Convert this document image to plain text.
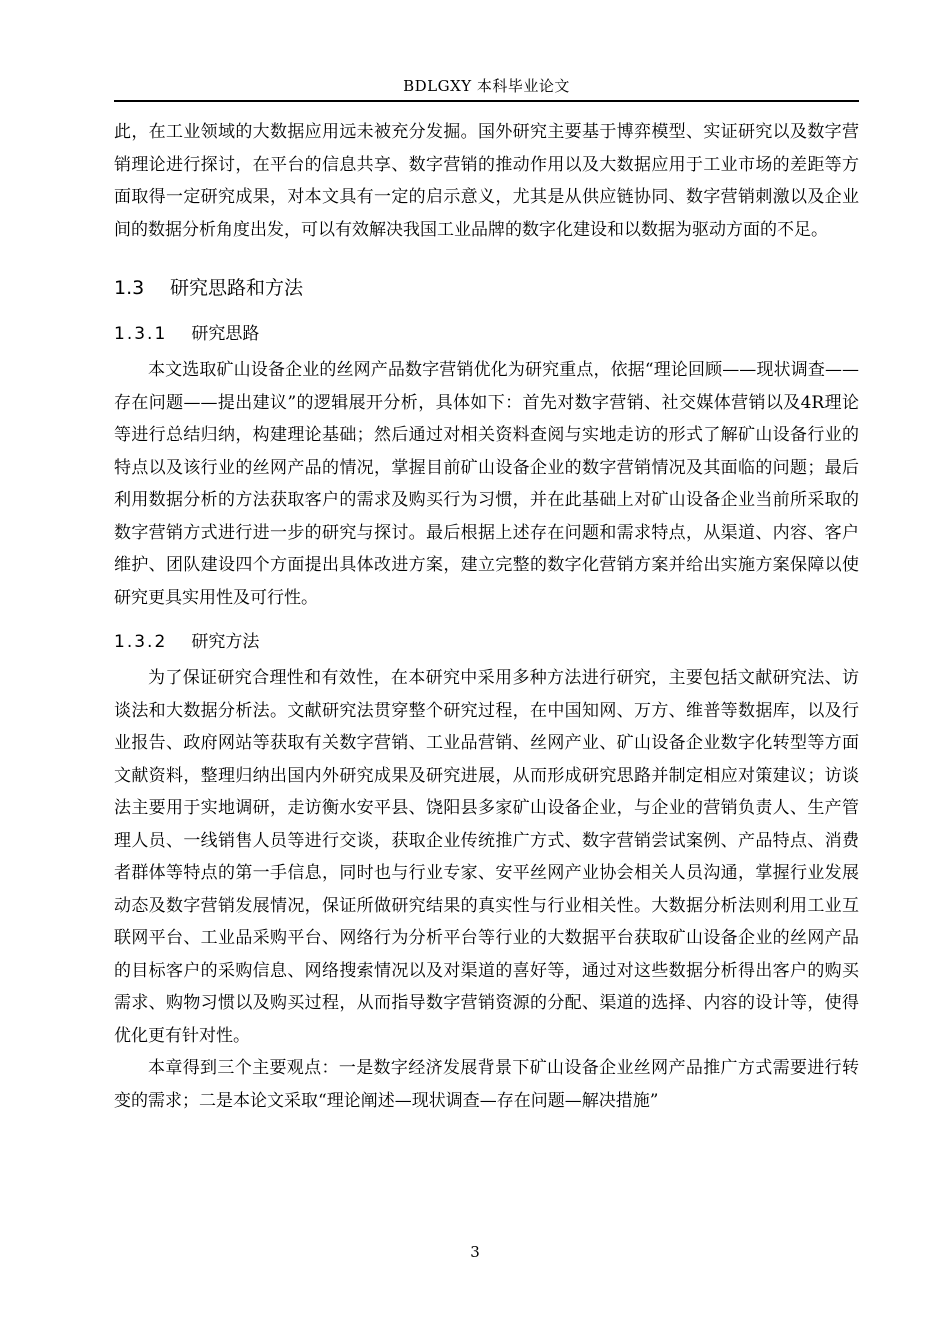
BDLGXY 本科毕业论文

此，在工业领域的大数据应用远未被充分发掘。国外研究主要基于博弈模型、实证研究以及数字营销理论进行探讨，在平台的信息共享、数字营销的推动作用以及大数据应用于工业市场的差距等方面取得一定研究成果，对本文具有一定的启示意义，尤其是从供应链协同、数字营销刺激以及企业间的数据分析角度出发，可以有效解决我国工业品牌的数字化建设和以数据为驱动方面的不足。

1.3 研究思路和方法
1.3.1 研究思路

本文选取矿山设备企业的丝网产品数字营销优化为研究重点，依据“理论回顾——现状调查——存在问题——提出建议”的逻辑展开分析，具体如下：首先对数字营销、社交媒体营销以及4R理论等进行总结归纳，构建理论基础；然后通过对相关资料查阅与实地走访的形式了解矿山设备行业的特点以及该行业的丝网产品的情况，掌握目前矿山设备企业的数字营销情况及其面临的问题；最后利用数据分析的方法获取客户的需求及购买行为习惯，并在此基础上对矿山设备企业当前所采取的数字营销方式进行进一步的研究与探讨。最后根据上述存在问题和需求特点，从渠道、内容、客户维护、团队建设四个方面提出具体改进方案，建立完整的数字化营销方案并给出实施方案保障以使研究更具实用性及可行性。

1.3.2 研究方法

为了保证研究合理性和有效性，在本研究中采用多种方法进行研究，主要包括文献研究法、访谈法和大数据分析法。文献研究法贯穿整个研究过程，在中国知网、万方、维普等数据库，以及行业报告、政府网站等获取有关数字营销、工业品营销、丝网产业、矿山设备企业数字化转型等方面文献资料，整理归纳出国内外研究成果及研究进展，从而形成研究思路并制定相应对策建议；访谈法主要用于实地调研，走访衡水安平县、饶阳县多家矿山设备企业，与企业的营销负责人、生产管理人员、一线销售人员等进行交谈，获取企业传统推广方式、数字营销尝试案例、产品特点、消费者群体等特点的第一手信息，同时也与行业专家、安平丝网产业协会相关人员沟通，掌握行业发展动态及数字营销发展情况，保证所做研究结果的真实性与行业相关性。大数据分析法则利用工业互联网平台、工业品采购平台、网络行为分析平台等行业的大数据平台获取矿山设备企业的丝网产品的目标客户的采购信息、网络搜索情况以及对渠道的喜好等，通过对这些数据分析得出客户的购买需求、购物习惯以及购买过程，从而指导数字营销资源的分配、渠道的选择、内容的设计等，使得优化更有针对性。

本章得到三个主要观点：一是数字经济发展背景下矿山设备企业丝网产品推广方式需要进行转变的需求；二是本论文采取“理论阐述—现状调查—存在问题—解决措施”

3
